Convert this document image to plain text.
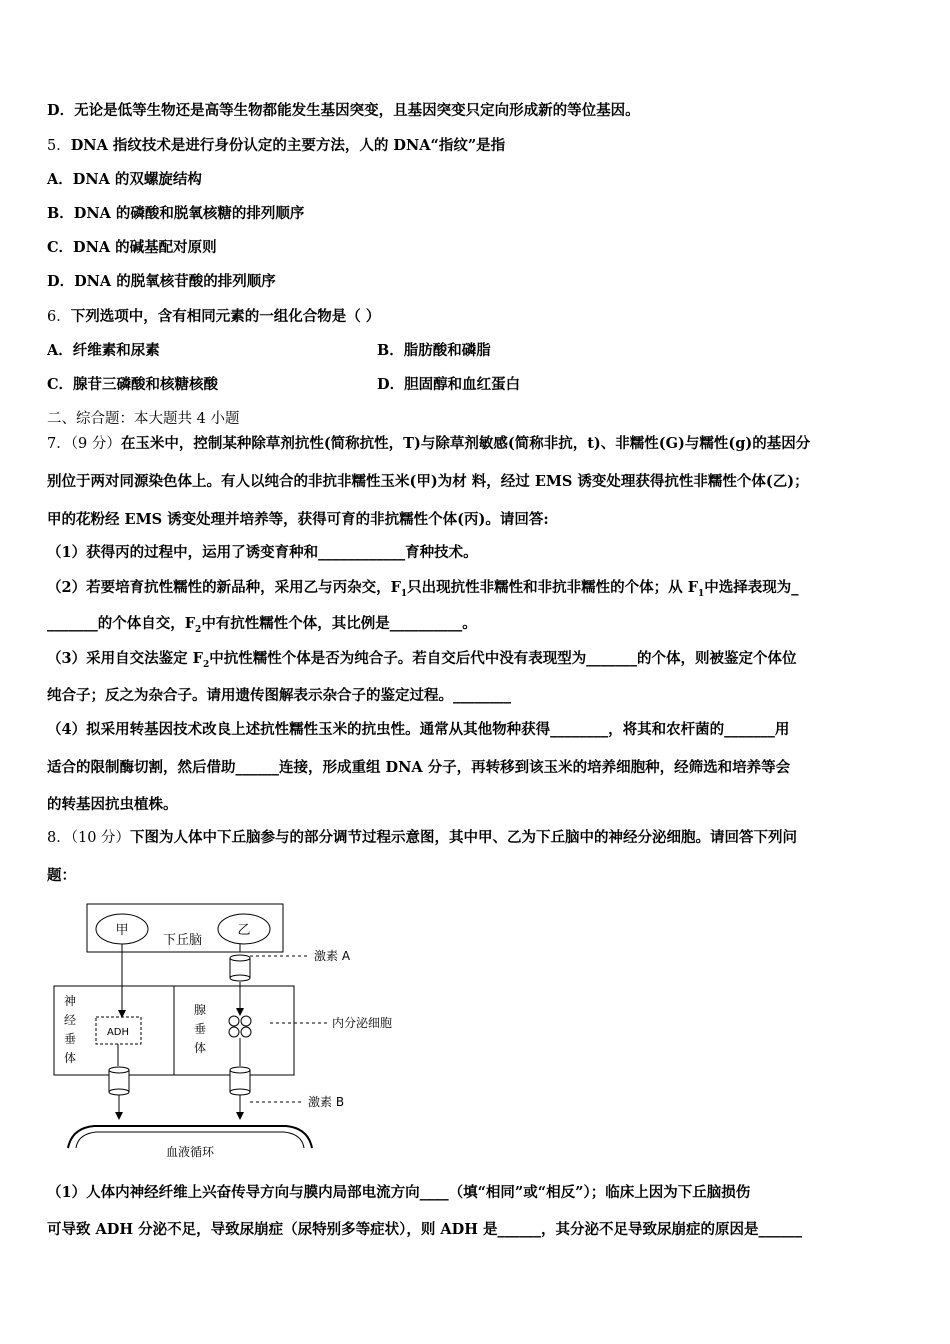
D．无论是低等生物还是高等生物都能发生基因突变，且基因突变只定向形成新的等位基因。
5．DNA 指纹技术是进行身份认定的主要方法，人的 DNA“指纹”是指
A．DNA 的双螺旋结构
B．DNA 的磷酸和脱氧核糖的排列顺序
C．DNA 的碱基配对原则
D．DNA 的脱氧核苷酸的排列顺序
6．下列选项中，含有相同元素的一组化合物是（ ）
A．纤维素和尿素	B．脂肪酸和磷脂
C．腺苷三磷酸和核糖核酸	D．胆固醇和血红蛋白
二、综合题：本大题共 4 小题
7．（9 分）在玉米中，控制某种除草剂抗性(简称抗性，T)与除草剂敏感(简称非抗，t)、非糯性(G)与糯性(g)的基因分
别位于两对同源染色体上。有人以纯合的非抗非糯性玉米(甲)为材 料，经过 EMS 诱变处理获得抗性非糯性个体(乙)；
甲的花粉经 EMS 诱变处理并培养等，获得可育的非抗糯性个体(丙)。请回答:
（1）获得丙的过程中，运用了诱变育种和____________育种技术。
（2）若要培育抗性糯性的新品种，采用乙与丙杂交，$F_1$只出现抗性非糯性和非抗非糯性的个体；从 $F_1$中选择表现为_
_______的个体自交，$F_2$中有抗性糯性个体，其比例是__________。
（3）采用自交法鉴定 $F_2$中抗性糯性个体是否为纯合子。若自交后代中没有表现型为_______的个体，则被鉴定个体位
纯合子；反之为杂合子。请用遗传图解表示杂合子的鉴定过程。________
（4）拟采用转基因技术改良上述抗性糯性玉米的抗虫性。通常从其他物种获得________，将其和农杆菌的_______用
适合的限制酶切割，然后借助______连接，形成重组 DNA 分子，再转移到该玉米的培养细胞种，经筛选和培养等会
的转基因抗虫植株。
8．（10 分）下图为人体中下丘脑参与的部分调节过程示意图，其中甲、乙为下丘脑中的神经分泌细胞。请回答下列问
题：
甲
下丘脑
乙
激素 A
神
经
垂
体
ADH
腺
垂
体
内分泌细胞
激素 B
血液循环
（1）人体内神经纤维上兴奋传导方向与膜内局部电流方向____（填“相同”或“相反”）；临床上因为下丘脑损伤
可导致 ADH 分泌不足，导致尿崩症（尿特别多等症状），则 ADH 是______，其分泌不足导致尿崩症的原因是______
